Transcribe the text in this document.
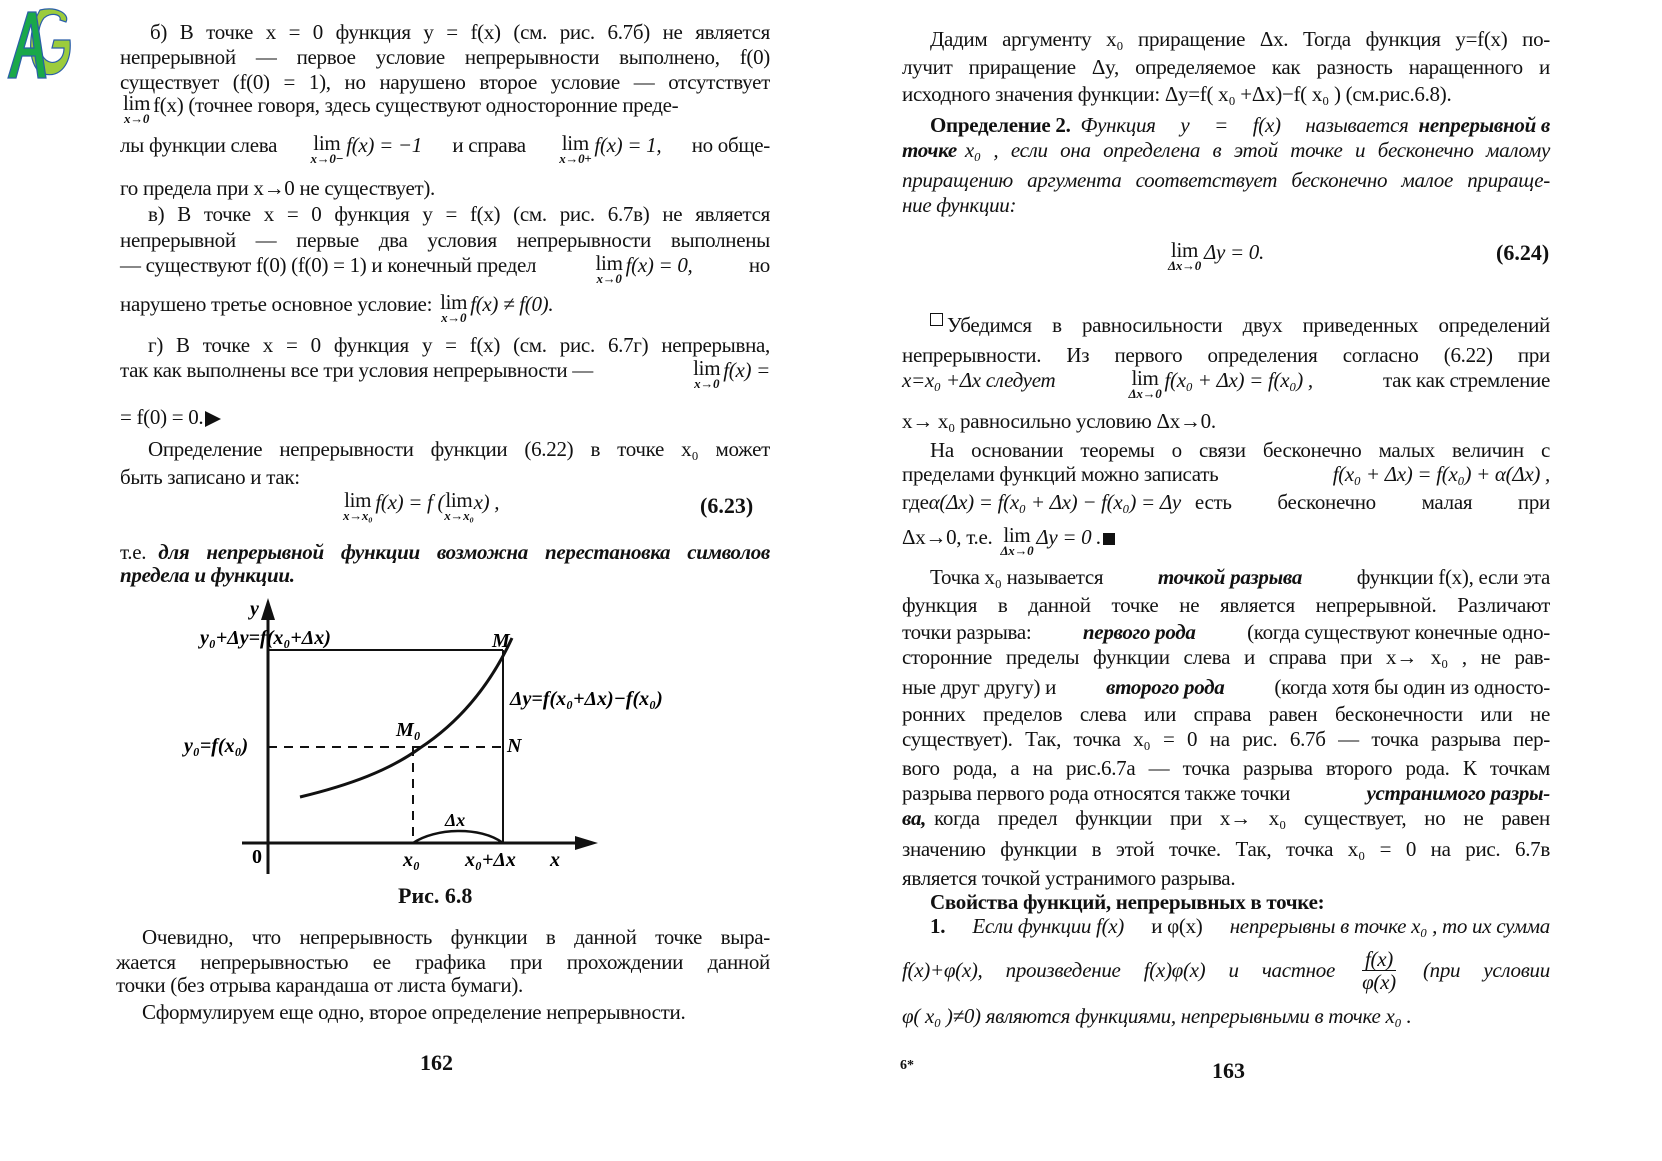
б) В точке x = 0 функция y = f(x) (см. рис. 6.7б) не является
непрерывной — первое условие непрерывности выполнено, f(0)
существует (f(0) = 1), но нарушено второе условие — отсутствует
lim
x→0
f(x) (точнее говоря, здесь существуют односторонние преде-
лы функции слева lim
x→0−
f(x) = −1 и справа lim
x→0+
f(x) = 1, но обще-
го предела при x→0 не существует).
в) В точке x = 0 функция y = f(x) (см. рис. 6.7в) не является
непрерывной — первые два условия непрерывности выполнены
— существуют f(0) (f(0) = 1) и конечный предел	lim
x→0
f(x) = 0,	но
нарушено третье основное условие: lim
x→0
f(x) ≠ f(0).
г) В точке x = 0 функция y = f(x) (см. рис. 6.7г) непрерывна,
так как выполнены все три условия непрерывности —	lim
x→0
f(x) =
= f(0) = 0.
Определение непрерывности функции (6.22) в точке x₀ может
быть записано и так:
lim
x→x₀
f(x) = f ( lim
x→x₀
x) ,	(6.23)
т.е. для непрерывной функции возможна перестановка символов
предела и функции.
y
y₀+Δy=f(x₀+Δx)	M
Δy=f(x₀+Δx)−f(x₀)
M₀
y₀=f(x₀)	N
Δx
0	x₀ x₀+Δx x
Рис. 6.8
Очевидно, что непрерывность функции в данной точке выра-
жается непрерывностью ее графика при прохождении данной
точки (без отрыва карандаша от листа бумаги).
Сформулируем еще одно, второе определение непрерывности.
162
Дадим аргументу x₀ приращение Δx. Тогда функция y=f(x) по-
лучит приращение Δy, определяемое как разность наращенного и
исходного значения функции: Δy=f( x₀ +Δx)−f( x₀ ) (см.рис.6.8).
Определение 2. Функция y = f(x) называется непрерывной в
точке x₀ , если она определена в этой точке и бесконечно малому
приращению аргумента соответствует бесконечно малое прираще-
ние функции:
lim
Δx→0
Δy = 0.	(6.24)
Убедимся в равносильности двух приведенных определений
непрерывности. Из первого определения согласно (6.22) при
x=x₀ +Δx следует	lim
Δx→0
f(x₀ + Δx) = f(x₀) ,	так как стремление
x→ x₀ равносильно условию Δx→0.
На основании теоремы о связи бесконечно малых величин с
пределами функций можно записать	f(x₀ + Δx) = f(x₀) + α(Δx) ,
где α(Δx) = f(x₀ + Δx) − f(x₀) = Δy есть бесконечно малая при
Δx→0, т.е. lim
Δx→0
Δy = 0 .
Точка x₀ называется	точкой разрыва	функции f(x), если эта
функция в данной точке не является непрерывной. Различают
точки разрыва: первого рода (когда существуют конечные одно-
сторонние пределы функции слева и справа при x→ x₀ , не рав-
ные друг другу) и второго рода (когда хотя бы один из односто-
ронних пределов слева или справа равен бесконечности или не
существует). Так, точка x₀ = 0 на рис. 6.7б — точка разрыва пер-
вого рода, а на рис.6.7а — точка разрыва второго рода. К точкам
разрыва первого рода относятся также точки	устранимого разры-
ва, когда предел функции при x→ x₀ существует, но не равен
значению функции в этой точке. Так, точка x₀ = 0 на рис. 6.7в
является точкой устранимого разрыва.
Свойства функций, непрерывных в точке:
1. Если функции f(x) и φ(x) непрерывны в точке x₀ , то их сумма
f(x)+φ(x), произведение f(x)φ(x) и частное $\frac{f(x)}{\varphi(x)} (при$ условии
φ( x₀ )≠0) являются функциями, непрерывными в точке x₀ .
6*	163
